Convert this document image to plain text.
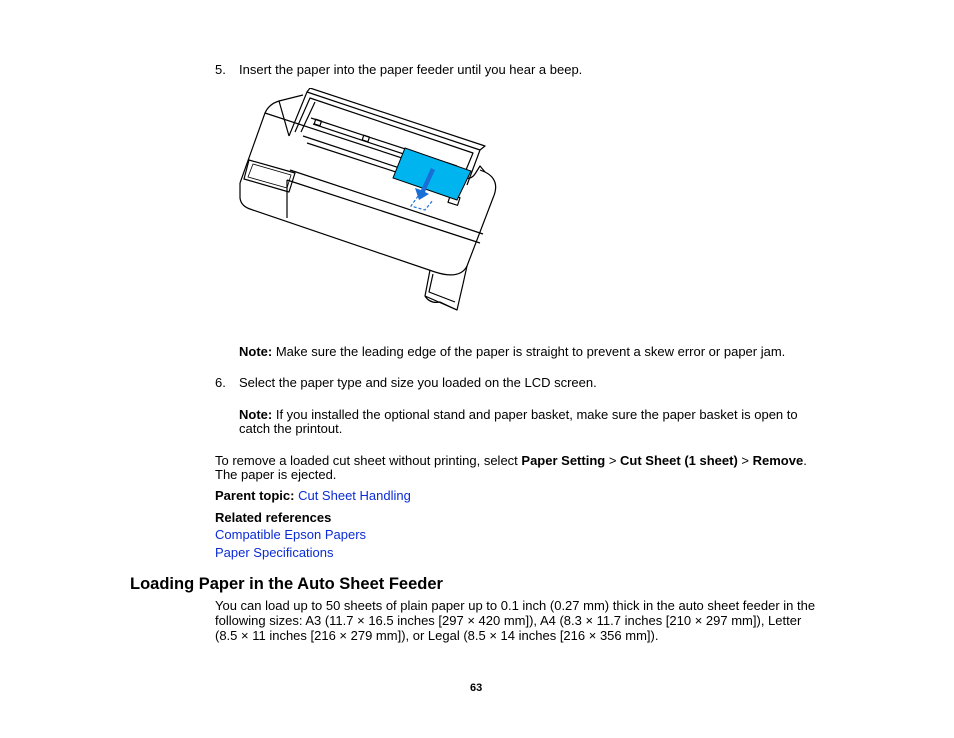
5. Insert the paper into the paper feeder until you hear a beep.
Note: Make sure the leading edge of the paper is straight to prevent a skew error or paper jam.
6. Select the paper type and size you loaded on the LCD screen.
Note: If you installed the optional stand and paper basket, make sure the paper basket is open to
catch the printout.
To remove a loaded cut sheet without printing, select Paper Setting > Cut Sheet (1 sheet) > Remove.
The paper is ejected.
Parent topic: Cut Sheet Handling
Related references
Compatible Epson Papers
Paper Specifications
Loading Paper in the Auto Sheet Feeder
You can load up to 50 sheets of plain paper up to 0.1 inch (0.27 mm) thick in the auto sheet feeder in the
following sizes: A3 (11.7 × 16.5 inches [297 × 420 mm]), A4 (8.3 × 11.7 inches [210 × 297 mm]), Letter
(8.5 × 11 inches [216 × 279 mm]), or Legal (8.5 × 14 inches [216 × 356 mm]).
63
